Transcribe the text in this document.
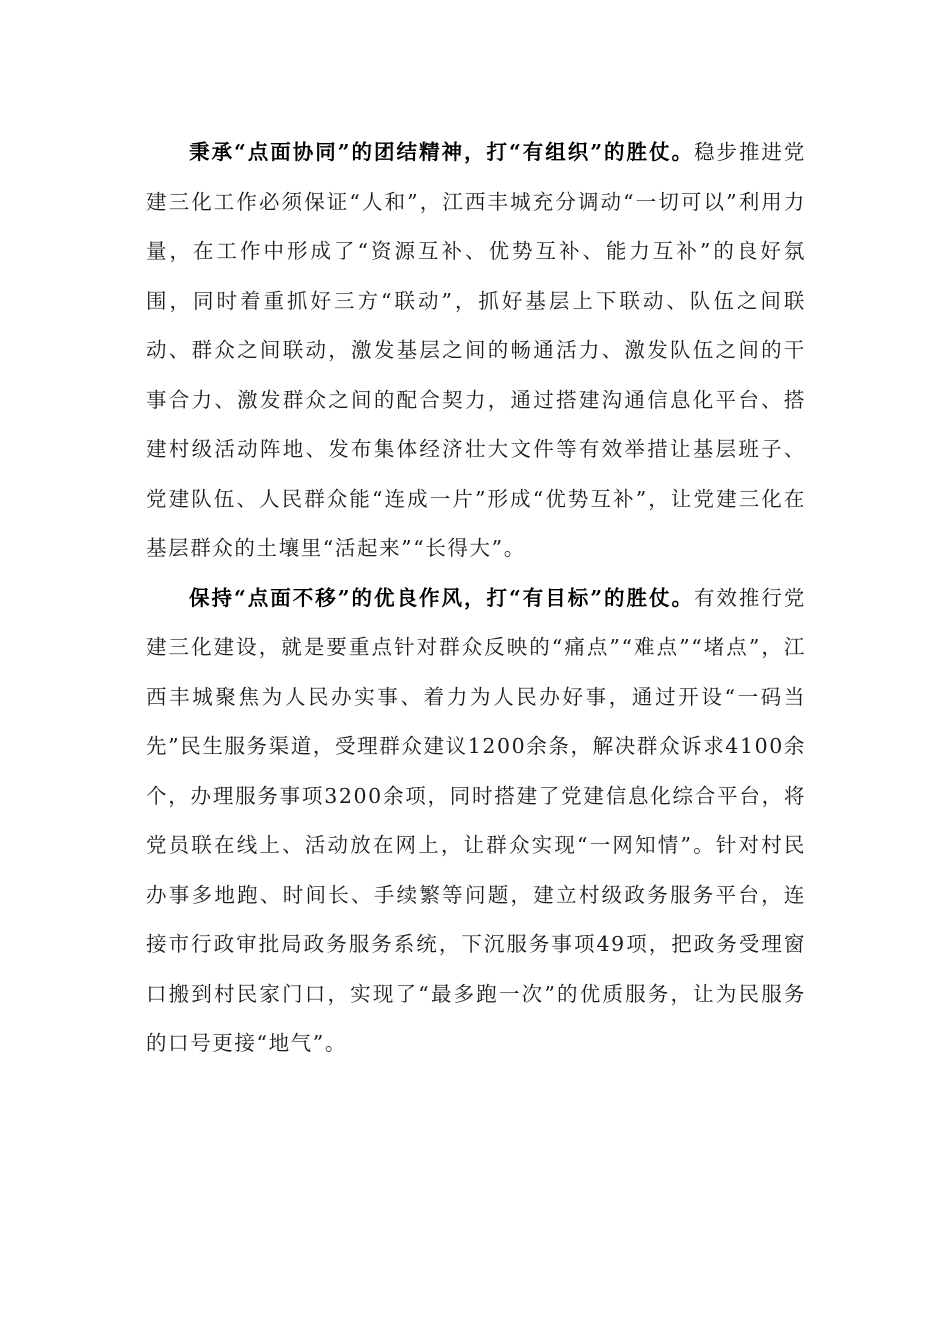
秉承“点面协同”的团结精神，打“有组织”的胜仗。稳步推进党建三化工作必须保证“人和”，江西丰城充分调动“一切可以”利用力量，在工作中形成了“资源互补、优势互补、能力互补”的良好氛围，同时着重抓好三方“联动”，抓好基层上下联动、队伍之间联动、群众之间联动，激发基层之间的畅通活力、激发队伍之间的干事合力、激发群众之间的配合契力，通过搭建沟通信息化平台、搭建村级活动阵地、发布集体经济壮大文件等有效举措让基层班子、党建队伍、人民群众能“连成一片”形成“优势互补”，让党建三化在基层群众的土壤里“活起来”“长得大”。

保持“点面不移”的优良作风，打“有目标”的胜仗。有效推行党建三化建设，就是要重点针对群众反映的“痛点”“难点”“堵点”，江西丰城聚焦为人民办实事、着力为人民办好事，通过开设“一码当先”民生服务渠道，受理群众建议1200余条，解决群众诉求4100余个，办理服务事项3200余项，同时搭建了党建信息化综合平台，将党员联在线上、活动放在网上，让群众实现“一网知情”。针对村民办事多地跑、时间长、手续繁等问题，建立村级政务服务平台，连接市行政审批局政务服务系统，下沉服务事项49项，把政务受理窗口搬到村民家门口，实现了“最多跑一次”的优质服务，让为民服务的口号更接“地气”。
